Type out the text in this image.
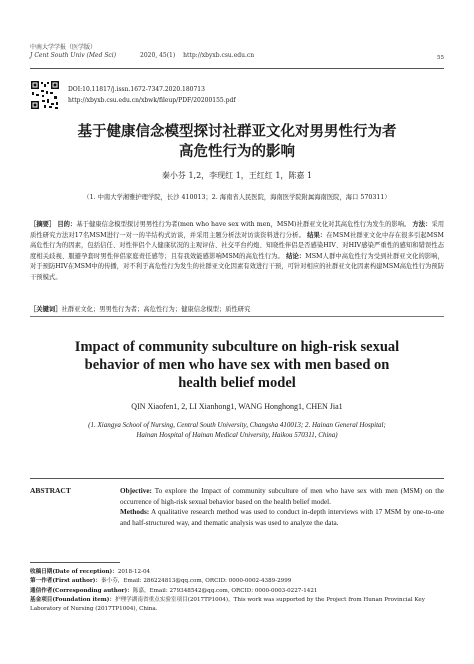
中南大学学报（医学版）
J Cent South Univ (Med Sci)	2020, 45(1) http://xbyxb.csu.edu.cn	55
DOI:10.11817/j.issn.1672-7347.2020.180713
http://xbyxb.csu.edu.cn/xbwk/fileup/PDF/20200155.pdf
基于健康信念模型探讨社群亚文化对男男性行为者
高危性行为的影响
秦小芬 1,2，李现红 1，王红红 1，陈嘉 1
（1. 中南大学湘雅护理学院，长沙 410013；2. 海南省人民医院，海南医学院附属海南医院，海口 570311）
［摘要］ 目的：基于健康信念模型探讨男男性行为者(men who have sex with men，MSM)社群亚文化对其高危性行为发生的影响。 方法：采用质性研究方法对17名MSM进行一对一的半结构式访谈，并采用主题分析法对访谈资料进行分析。 结果：在MSM社群亚文化中存在很多引起MSM高危性行为的因素，包括信任、对性伴侣个人健康状况的主观评估、社交平台约炮、知晓性伴侣是否感染HIV、对HIV感染严重性的感知和错误性态度相关歧视、服避孕套时男性伴侣家庭责任感等；且有我效能感影响MSM的高危性行为。 结论：MSM人群中高危性行为受到社群亚文化的影响，对于预防HIV在MSM中的传播，对不利于高危性行为发生的社群亚文化因素有效进行干预，可针对相应的社群亚文化因素构建MSM高危性行为预防干预模式。
［关键词］社群亚文化；男男性行为者；高危性行为；健康信念模型；质性研究
Impact of community subculture on high-risk sexual
behavior of men who have sex with men based on
health belief model
QIN Xiaofen1, 2, LI Xianhong1, WANG Honghong1, CHEN Jia1
(1. Xiangya School of Nursing, Central South University, Changsha 410013; 2. Hainan General Hospital;
Hainan Hospital of Hainan Medical University, Haikou 570311, China)
ABSTRACT	Objective: To explore the Impact of community subculture of men who have sex with men (MSM) on the occurrence of high-risk sexual behavior based on the health belief model.
Methods: A qualitative research method was used to conduct in-depth interviews with 17 MSM by one-to-one and half-structured way, and thematic analysis was used to analyze the data.
收稿日期(Date of reception)：2018-12-04
第一作者(First author)：秦小芬，Email: 286224813@qq.com, ORCID: 0000-0002-4389-2999
通信作者(Corresponding author)：陈嘉，Email: 279348542@qq.com, ORCID: 0000-0003-0227-1421
基金项目(Foundation item)：护理学湖南省重点实验室项目(2017TP1004)。This work was supported by the Project from Hunan Provincial Key Laboratory of Nursing (2017TP1004), China.
